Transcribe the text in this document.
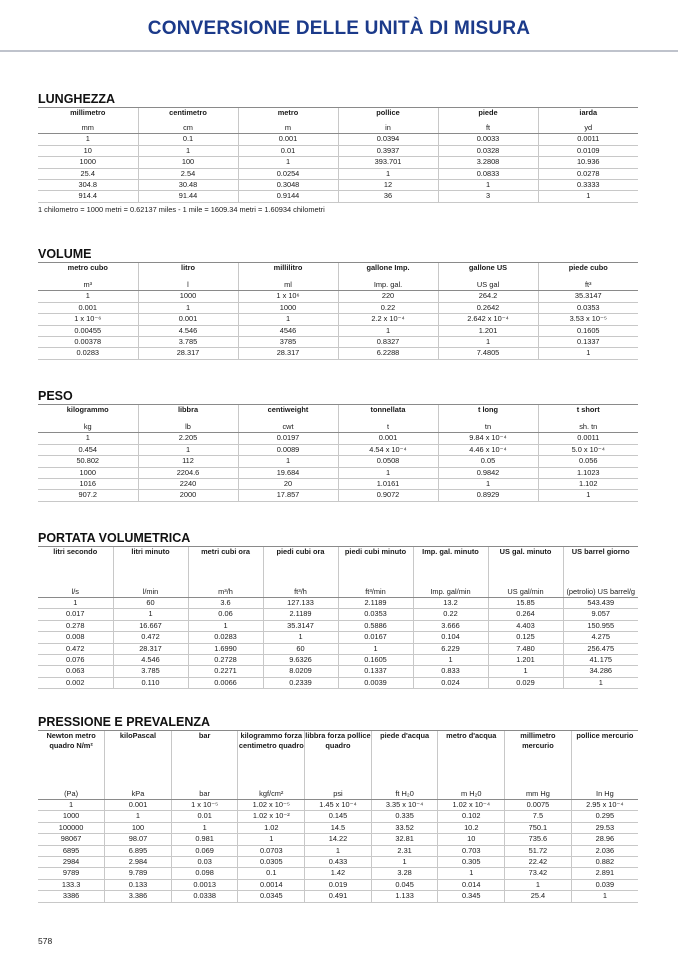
CONVERSIONE DELLE UNITÀ DI MISURA
LUNGHEZZA
millimetro	centimetro	metro	pollice	piede	iarda
mm	cm	m	in	ft	yd
1	0.1	0.001	0.0394	0.0033	0.0011
10	1	0.01	0.3937	0.0328	0.0109
1000	100	1	393.701	3.2808	10.936
25.4	2.54	0.0254	1	0.0833	0.0278
304.8	30.48	0.3048	12	1	0.3333
914.4	91.44	0.9144	36	3	1
1 chilometro = 1000 metri = 0.62137 miles - 1 mile = 1609.34 metri = 1.60934 chilometri
VOLUME
metro cubo	litro	millilitro	gallone Imp.	gallone US	piede cubo
m³	l	ml	Imp. gal.	US gal	ft³
1	1000	1 x 10⁶	220	264.2	35.3147
0.001	1	1000	0.22	0.2642	0.0353
1 x 10⁻⁶	0.001	1	2.2 x 10⁻⁴	2.642 x 10⁻⁴	3.53 x 10⁻⁵
0.00455	4.546	4546	1	1.201	0.1605
0.00378	3.785	3785	0.8327	1	0.1337
0.0283	28.317	28.317	6.2288	7.4805	1
PESO
kilogrammo	libbra	centiweight	tonnellata	t long	t short
kg	lb	cwt	t	tn	sh. tn
1	2.205	0.0197	0.001	9.84 x 10⁻⁴	0.0011
0.454	1	0.0089	4.54 x 10⁻⁴	4.46 x 10⁻⁴	5.0 x 10⁻⁴
50.802	112	1	0.0508	0.05	0.056
1000	2204.6	19.684	1	0.9842	1.1023
1016	2240	20	1.0161	1	1.102
907.2	2000	17.857	0.9072	0.8929	1
PORTATA VOLUMETRICA
litri secondo	litri minuto	metri cubi ora	piedi cubi ora	piedi cubi minuto	Imp. gal. minuto	US gal. minuto	US barrel giorno
l/s	l/min	m³/h	ft³/h	ft³/min	Imp. gal/min	US gal/min	(petrolio) US barrel/g
1	60	3.6	127.133	2.1189	13.2	15.85	543.439
0.017	1	0.06	2.1189	0.0353	0.22	0.264	9.057
0.278	16.667	1	35.3147	0.5886	3.666	4.403	150.955
0.008	0.472	0.0283	1	0.0167	0.104	0.125	4.275
0.472	28.317	1.6990	60	1	6.229	7.480	256.475
0.076	4.546	0.2728	9.6326	0.1605	1	1.201	41.175
0.063	3.785	0.2271	8.0209	0.1337	0.833	1	34.286
0.002	0.110	0.0066	0.2339	0.0039	0.024	0.029	1
PRESSIONE E PREVALENZA
Newton metro quadro N/m²	kiloPascal	bar	kilogrammo forza centimetro quadro	libbra forza pollice quadro	piede d'acqua	metro d'acqua	millimetro mercurio	pollice mercurio
(Pa)	kPa	bar	kgf/cm²	psi	ft H₂0	m H₂0	mm Hg	In Hg
1	0.001	1 x 10⁻⁵	1.02 x 10⁻⁵	1.45 x 10⁻⁴	3.35 x 10⁻⁴	1.02 x 10⁻⁴	0.0075	2.95 x 10⁻⁴
1000	1	0.01	1.02 x 10⁻²	0.145	0.335	0.102	7.5	0.295
100000	100	1	1.02	14.5	33.52	10.2	750.1	29.53
98067	98.07	0.981	1	14.22	32.81	10	735.6	28.96
6895	6.895	0.069	0.0703	1	2.31	0.703	51.72	2.036
2984	2.984	0.03	0.0305	0.433	1	0.305	22.42	0.882
9789	9.789	0.098	0.1	1.42	3.28	1	73.42	2.891
133.3	0.133	0.0013	0.0014	0.019	0.045	0.014	1	0.039
3386	3.386	0.0338	0.0345	0.491	1.133	0.345	25.4	1
578
